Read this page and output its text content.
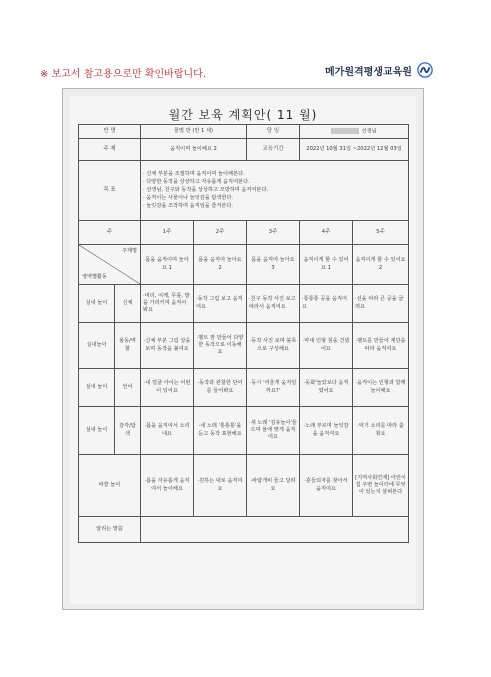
※ 보고서 참고용으로만 확인바랍니다.	메가원격평생교육원
월간 보육 계획안( 11 월)
반 명		꿀벌 반 (만 1 세)		담 임	선생님	
주 제		움직이며 놀이해요 2		교육기간	2022년 10월 31일 ~2022년 12월 03일	
목 표		· 신체 부분을 조절하며 움직이며 놀이해본다.
· 다양한 동작을 상상하고 자유롭게 움직여본다.
· 선생님, 친구와 동작을 상상하고 모방하며 움직여본다.
· 움직이는 사물이나 놀잇감을 탐색한다.
· 놀잇감을 조작하며 움직임을 즐겨본다.				

주		1주	2주	3주	4주	5주

주제명
영역별활동		몸을 움직이며 놀아요 1	몸을 움직여 놀아요 2	몸을 움직여 놀아요 3	움직이게 할 수 있어요 1	움직이게 할 수 있어요 2
실내 놀이	신체	·머리, 어깨, 무릎, 발을 가리키며 움직이봐요	·동작 그림 보고 움직여요	·친구 동작 사진 보고 따라서 움직여요	·통통통 공을 움직여요	·선을 따라 큰 공을 굴려요
실내놀이	율동/역할	·신체 부분 그림 상을 보며 동작을 붙여요	·벨트 잠 만들어 다양한 동작으로 이동해요	·동작 사진 보며 블록으로 구성해요	·악대 인형 침을 건넸어요	·벨트를 만들어 계단을 따라 움직여요
실내 놀이	언어	·내 얼굴 아이는 어떤 이 있어요	·동작과 관찰한 단어를 들어봐요	·동시 '여울게 움직일까요?'	·동화'놀았보다 움직였어요	·움직이는 인형과 함께 놀이해요
실내 놀이	감각/탐색	·몸을 움직여서 소리 내요	·새 노래 '통통통'을 듣고 동작 표현해요	·새 노래 '김유놀이'들으며 율에 맞게 움직여요	·노래 부르며 놀잇감을 움직여요	·악기 소리를 따라 춤춰요
바깥 놀이		·몸을 자유롭게 움직여서 놀이해요	·원하는 대로 움직여요	·바람개비 들고 달려요	·훈들되자를 찾아서 움직여요	[지역사회연계] 어린이집 주변 놀이터에 무엇이 있는지 살펴본다
알리는 말씀						
